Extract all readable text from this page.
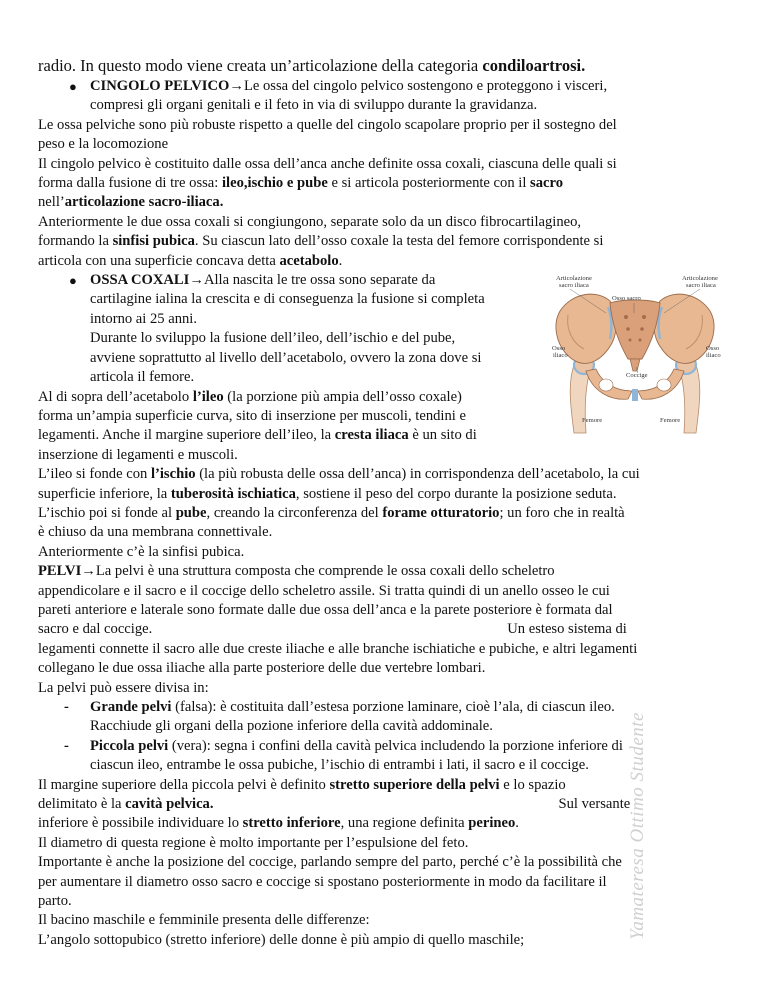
radio. In questo modo viene creata un’articolazione della categoria condiloartrosi.

● CINGOLO PELVICO→Le ossa del cingolo pelvico sostengono e proteggono i visceri,
compresi gli organi genitali e il feto in via di sviluppo durante la gravidanza.

Le ossa pelviche sono più robuste rispetto a quelle del cingolo scapolare proprio per il sostegno del
peso e la locomozione

Il cingolo pelvico è costituito dalle ossa dell’anca anche definite ossa coxali, ciascuna delle quali si
forma dalla fusione di tre ossa: ileo,ischio e pube e si articola posteriormente con il sacro
nell’articolazione sacro-iliaca.

Anteriormente le due ossa coxali si congiungono, separate solo da un disco fibrocartilagineo,
formando la sinfisi pubica. Su ciascun lato dell’osso coxale la testa del femore corrispondente si
articola con una superficie concava detta acetabolo.

● OSSA COXALI→Alla nascita le tre ossa sono separate da
cartilagine ialina la crescita e di conseguenza la fusione si completa
intorno ai 25 anni.
Durante lo sviluppo la fusione dell’ileo, dell’ischio e del pube,
avviene soprattutto al livello dell’acetabolo, ovvero la zona dove si
articola il femore.

Al di sopra dell’acetabolo l’ileo (la porzione più ampia dell’osso coxale)
forma un’ampia superficie curva, sito di inserzione per muscoli, tendini e
legamenti. Anche il margine superiore dell’ileo, la cresta iliaca è un sito di
inserzione di legamenti e muscoli.

L’ileo si fonde con l’ischio (la più robusta delle ossa dell’anca) in corrispondenza dell’acetabolo, la cui
superficie inferiore, la tuberosità ischiatica, sostiene il peso del corpo durante la posizione seduta.
L’ischio poi si fonde al pube, creando la circonferenza del forame otturatorio; un foro che in realtà
è chiuso da una membrana connettivale.

Anteriormente c’è la sinfisi pubica.

PELVI→La pelvi è una struttura composta che comprende le ossa coxali dello scheletro
appendicolare e il sacro e il coccige dello scheletro assile. Si tratta quindi di un anello osseo le cui
pareti anteriore e laterale sono formate dalle due ossa dell’anca e la parete posteriore è formata dal
sacro e dal coccige.	Un esteso sistema di
legamenti connette il sacro alle due creste iliache e alle branche ischiatiche e pubiche, e altri legamenti
collegano le due ossa iliache alla parte posteriore delle due vertebre lombari.

La pelvi può essere divisa in:

- Grande pelvi (falsa): è costituita dall’estesa porzione laminare, cioè l’ala, di ciascun ileo.
Racchiude gli organi della pozione inferiore della cavità addominale.
- Piccola pelvi (vera): segna i confini della cavità pelvica includendo la porzione inferiore di
ciascun ileo, entrambe le ossa pubiche, l’ischio di entrambi i lati, il sacro e il coccige.

Il margine superiore della piccola pelvi è definito stretto superiore della pelvi e lo spazio
delimitato è la cavità pelvica.	Sul versante
inferiore è possibile individuare lo stretto inferiore, una regione definita perineo.

Il diametro di questa regione è molto importante per l’espulsione del feto.

Importante è anche la posizione del coccige, parlando sempre del parto, perché c’è la possibilità che
per aumentare il diametro osso sacro e coccige si spostano posteriormente in modo da facilitare il
parto.

Il bacino maschile e femminile presenta delle differenze:

L’angolo sottopubico (stretto inferiore) delle donne è più ampio di quello maschile;

Articolazione
sacro iliaca
Articolazione
sacro iliaca
Osso sacro
Osso
iliaco
Osso
iliaco
Coccige
Femore	Femore
Yamateresa Ottimo Studente
